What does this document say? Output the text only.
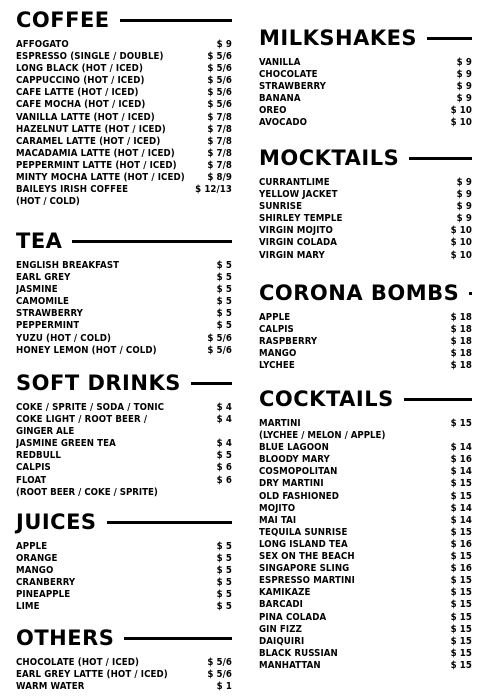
COFFEE
AFFOGATO	$ 9
ESPRESSO (SINGLE / DOUBLE)	$ 5/6
LONG BLACK (HOT / ICED)	$ 5/6
CAPPUCCINO (HOT / ICED)	$ 5/6
CAFE LATTE (HOT / ICED)	$ 5/6
CAFE MOCHA (HOT / ICED)	$ 5/6
VANILLA LATTE (HOT / ICED)	$ 7/8
HAZELNUT LATTE (HOT / ICED)	$ 7/8
CARAMEL LATTE (HOT / ICED)	$ 7/8
MACADAMIA LATTE (HOT / ICED)	$ 7/8
PEPPERMINT LATTE (HOT / ICED)	$ 7/8
MINTY MOCHA LATTE (HOT / ICED)	$ 8/9
BAILEYS IRISH COFFEE	$ 12/13
(HOT / COLD)
TEA
ENGLISH BREAKFAST	$ 5
EARL GREY	$ 5
JASMINE	$ 5
CAMOMILE	$ 5
STRAWBERRY	$ 5
PEPPERMINT	$ 5
YUZU (HOT / COLD)	$ 5/6
HONEY LEMON (HOT / COLD)	$ 5/6
SOFT DRINKS
COKE / SPRITE / SODA / TONIC	$ 4
COKE LIGHT / ROOT BEER /	$ 4
GINGER ALE
JASMINE GREEN TEA	$ 4
REDBULL	$ 5
CALPIS	$ 6
FLOAT	$ 6
(ROOT BEER / COKE / SPRITE)
JUICES
APPLE	$ 5
ORANGE	$ 5
MANGO	$ 5
CRANBERRY	$ 5
PINEAPPLE	$ 5
LIME	$ 5
OTHERS
CHOCOLATE (HOT / ICED)	$ 5/6
EARL GREY LATTE (HOT / ICED)	$ 5/6
WARM WATER	$ 1
MILKSHAKES
VANILLA	$ 9
CHOCOLATE	$ 9
STRAWBERRY	$ 9
BANANA	$ 9
OREO	$ 10
AVOCADO	$ 10
MOCKTAILS
CURRANTLIME	$ 9
YELLOW JACKET	$ 9
SUNRISE	$ 9
SHIRLEY TEMPLE	$ 9
VIRGIN MOJITO	$ 10
VIRGIN COLADA	$ 10
VIRGIN MARY	$ 10
CORONA BOMBS
APPLE	$ 18
CALPIS	$ 18
RASPBERRY	$ 18
MANGO	$ 18
LYCHEE	$ 18
COCKTAILS
MARTINI	$ 15
(LYCHEE / MELON / APPLE)
BLUE LAGOON	$ 14
BLOODY MARY	$ 16
COSMOPOLITAN	$ 14
DRY MARTINI	$ 15
OLD FASHIONED	$ 15
MOJITO	$ 14
MAI TAI	$ 14
TEQUILA SUNRISE	$ 15
LONG ISLAND TEA	$ 16
SEX ON THE BEACH	$ 15
SINGAPORE SLING	$ 16
ESPRESSO MARTINI	$ 15
KAMIKAZE	$ 15
BARCADI	$ 15
PINA COLADA	$ 15
GIN FIZZ	$ 15
DAIQUIRI	$ 15
BLACK RUSSIAN	$ 15
MANHATTAN	$ 15
